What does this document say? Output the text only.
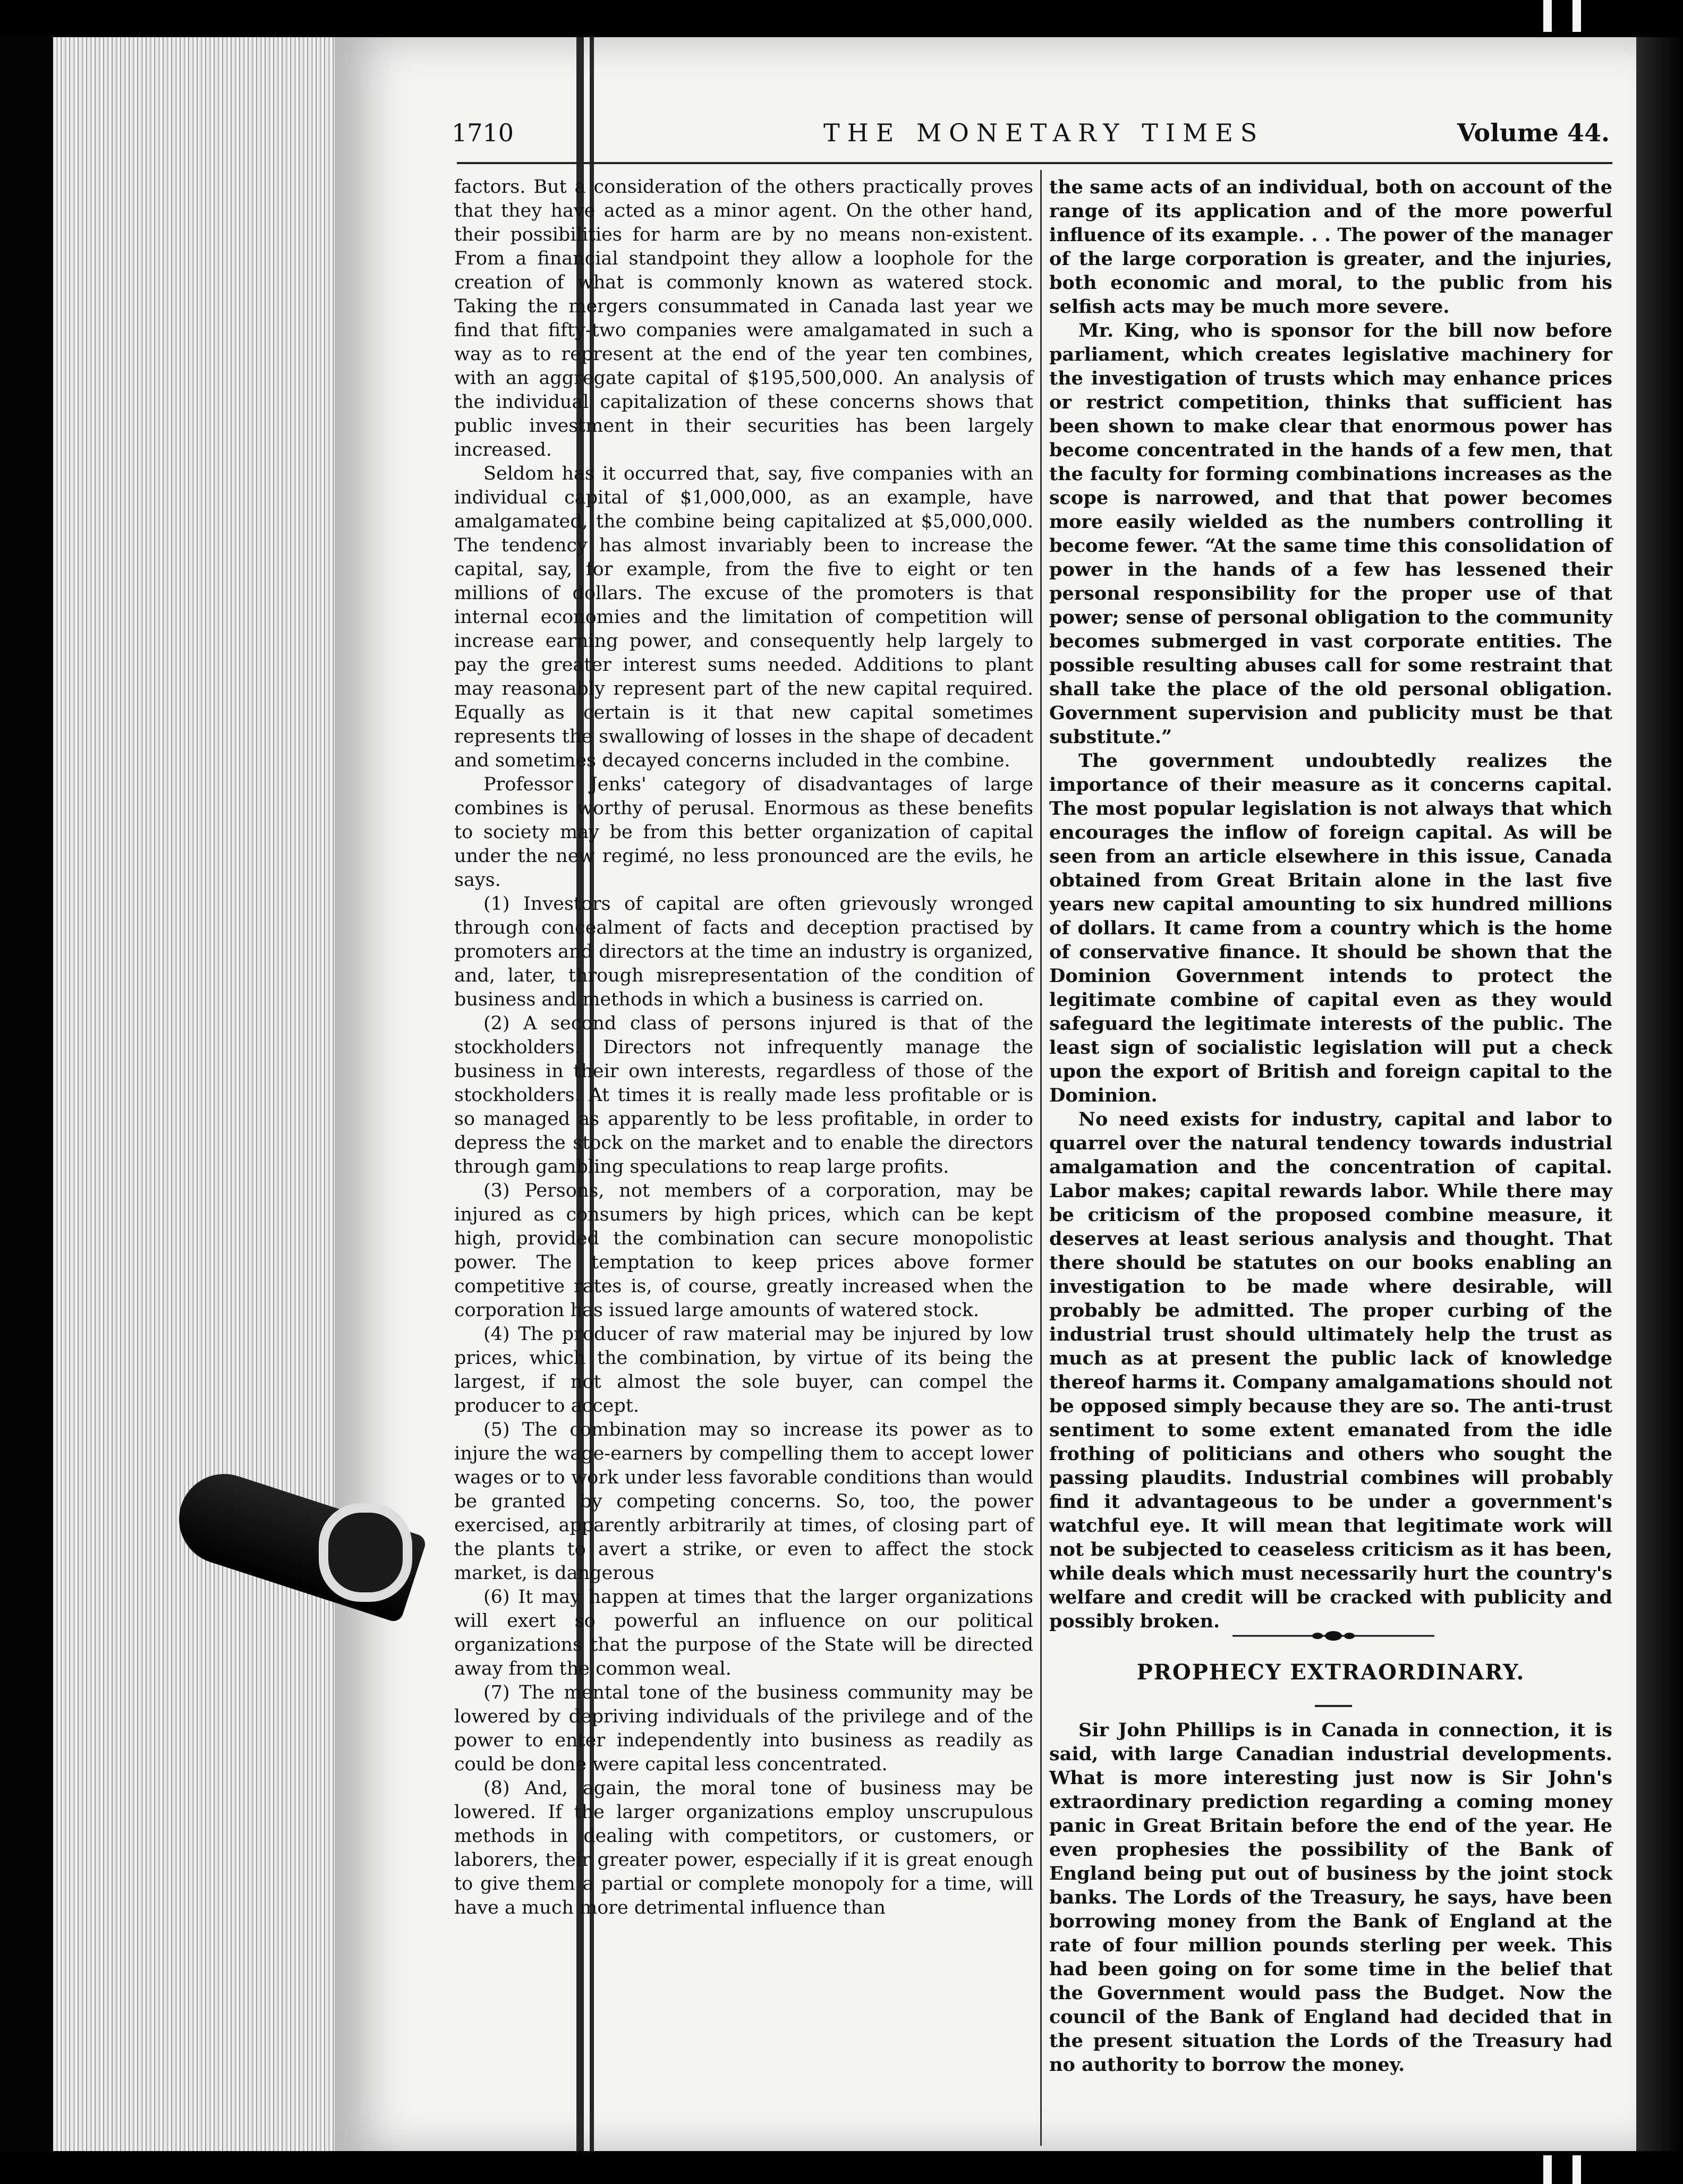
1710	THE MONETARY TIMES	Volume 44.

factors. But a consideration of the others practically proves that they have acted as a minor agent. On the other hand, their possibilities for harm are by no means non-existent. From a financial standpoint they allow a loophole for the creation of what is commonly known as watered stock. Taking the mergers consummated in Canada last year we find that fifty-two companies were amalgamated in such a way as to represent at the end of the year ten combines, with an aggregate capital of $195,500,000. An analysis of the individual capitalization of these concerns shows that public investment in their securities has been largely increased.

Seldom has it occurred that, say, five companies with an individual capital of $1,000,000, as an example, have amalgamated, the combine being capitalized at $5,000,000. The tendency has almost invariably been to increase the capital, say, for example, from the five to eight or ten millions of dollars. The excuse of the promoters is that internal economies and the limitation of competition will increase earning power, and consequently help largely to pay the greater interest sums needed. Additions to plant may reasonably represent part of the new capital required. Equally as certain is it that new capital sometimes represents the swallowing of losses in the shape of decadent and sometimes decayed concerns included in the combine.

Professor Jenks' category of disadvantages of large combines is worthy of perusal. Enormous as these benefits to society may be from this better organization of capital under the new regimé, no less pronounced are the evils, he says.

(1) Investors of capital are often grievously wronged through concealment of facts and deception practised by promoters and directors at the time an industry is organized, and, later, through misrepresentation of the condition of business and methods in which a business is carried on.

(2) A second class of persons injured is that of the stockholders. Directors not infrequently manage the business in their own interests, regardless of those of the stockholders. At times it is really made less profitable or is so managed as apparently to be less profitable, in order to depress the stock on the market and to enable the directors through gambling speculations to reap large profits.

(3) Persons, not members of a corporation, may be injured as consumers by high prices, which can be kept high, provided the combination can secure monopolistic power. The temptation to keep prices above former competitive rates is, of course, greatly increased when the corporation has issued large amounts of watered stock.

(4) The producer of raw material may be injured by low prices, which the combination, by virtue of its being the largest, if not almost the sole buyer, can compel the producer to accept.

(5) The combination may so increase its power as to injure the wage-earners by compelling them to accept lower wages or to work under less favorable conditions than would be granted by competing concerns. So, too, the power exercised, apparently arbitrarily at times, of closing part of the plants to avert a strike, or even to affect the stock market, is dangerous

(6) It may happen at times that the larger organizations will exert so powerful an influence on our political organizations that the purpose of the State will be directed away from the common weal.

(7) The mental tone of the business community may be lowered by depriving individuals of the privilege and of the power to enter independently into business as readily as could be done were capital less concentrated.

(8) And, again, the moral tone of business may be lowered. If the larger organizations employ unscrupulous methods in dealing with competitors, or customers, or laborers, their greater power, especially if it is great enough to give them a partial or complete monopoly for a time, will have a much more detrimental influence than

the same acts of an individual, both on account of the range of its application and of the more powerful influence of its example. . . The power of the manager of the large corporation is greater, and the injuries, both economic and moral, to the public from his selfish acts may be much more severe.

Mr. King, who is sponsor for the bill now before parliament, which creates legislative machinery for the investigation of trusts which may enhance prices or restrict competition, thinks that sufficient has been shown to make clear that enormous power has become concentrated in the hands of a few men, that the faculty for forming combinations increases as the scope is narrowed, and that that power becomes more easily wielded as the numbers controlling it become fewer. “At the same time this consolidation of power in the hands of a few has lessened their personal responsibility for the proper use of that power; sense of personal obligation to the community becomes submerged in vast corporate entities. The possible resulting abuses call for some restraint that shall take the place of the old personal obligation. Government supervision and publicity must be that substitute.”

The government undoubtedly realizes the importance of their measure as it concerns capital. The most popular legislation is not always that which encourages the inflow of foreign capital. As will be seen from an article elsewhere in this issue, Canada obtained from Great Britain alone in the last five years new capital amounting to six hundred millions of dollars. It came from a country which is the home of conservative finance. It should be shown that the Dominion Government intends to protect the legitimate combine of capital even as they would safeguard the legitimate interests of the public. The least sign of socialistic legislation will put a check upon the export of British and foreign capital to the Dominion.

No need exists for industry, capital and labor to quarrel over the natural tendency towards industrial amalgamation and the concentration of capital. Labor makes; capital rewards labor. While there may be criticism of the proposed combine measure, it deserves at least serious analysis and thought. That there should be statutes on our books enabling an investigation to be made where desirable, will probably be admitted. The proper curbing of the industrial trust should ultimately help the trust as much as at present the public lack of knowledge thereof harms it. Company amalgamations should not be opposed simply because they are so. The anti-trust sentiment to some extent emanated from the idle frothing of politicians and others who sought the passing plaudits. Industrial combines will probably find it advantageous to be under a government's watchful eye. It will mean that legitimate work will not be subjected to ceaseless criticism as it has been, while deals which must necessarily hurt the country's welfare and credit will be cracked with publicity and possibly broken.

PROPHECY EXTRAORDINARY.

Sir John Phillips is in Canada in connection, it is said, with large Canadian industrial developments. What is more interesting just now is Sir John's extraordinary prediction regarding a coming money panic in Great Britain before the end of the year. He even prophesies the possibility of the Bank of England being put out of business by the joint stock banks. The Lords of the Treasury, he says, have been borrowing money from the Bank of England at the rate of four million pounds sterling per week. This had been going on for some time in the belief that the Government would pass the Budget. Now the council of the Bank of England had decided that in the present situation the Lords of the Treasury had no authority to borrow the money.
